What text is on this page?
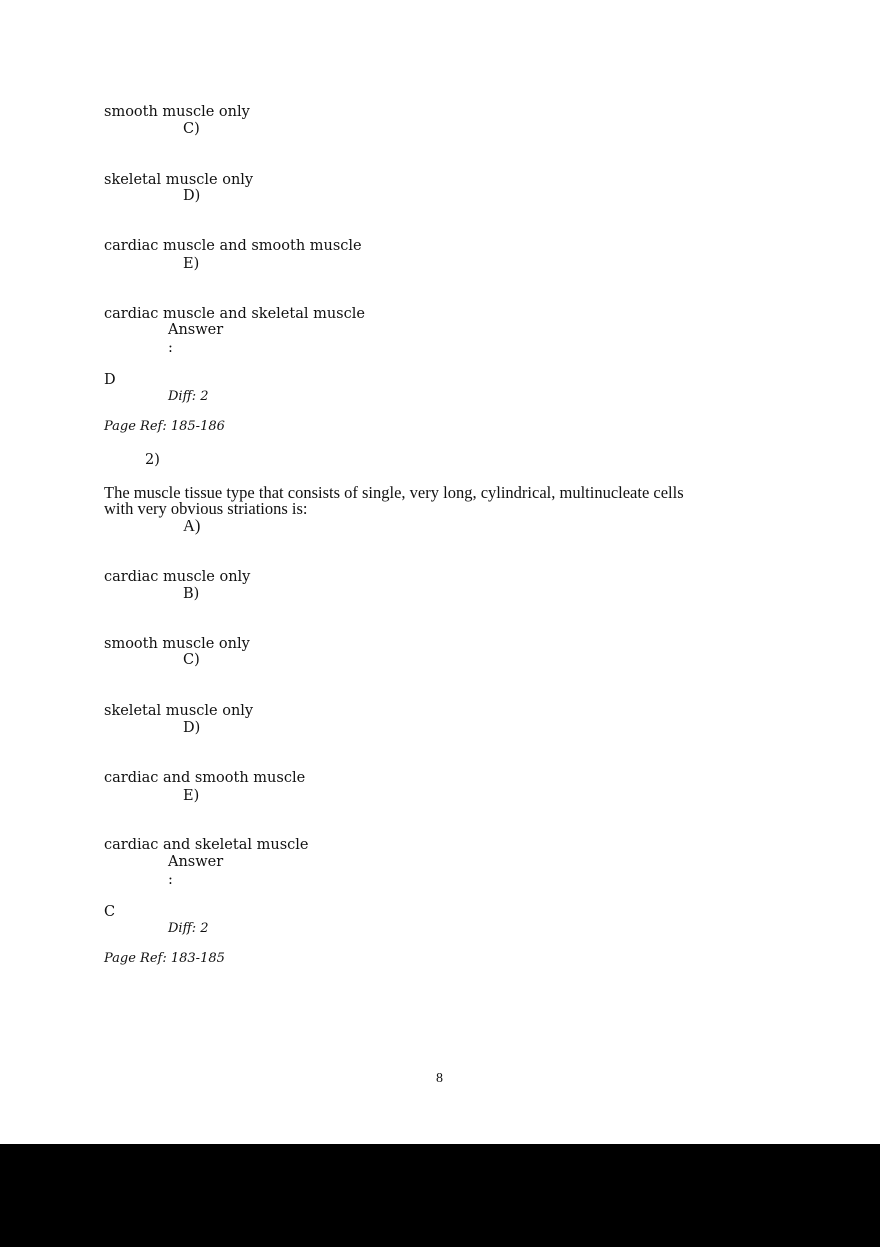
smooth muscle only
C)
skeletal muscle only
D)
cardiac muscle and smooth muscle
E)
cardiac muscle and skeletal muscle
Answer
:
D
Diff: 2
Page Ref: 185-186
2)
The muscle tissue type that consists of single, very long, cylindrical, multinucleate cells
with very obvious striations is:
A)
cardiac muscle only
B)
smooth muscle only
C)
skeletal muscle only
D)
cardiac and smooth muscle
E)
cardiac and skeletal muscle
Answer
:
C
Diff: 2
Page Ref: 183-185
8
